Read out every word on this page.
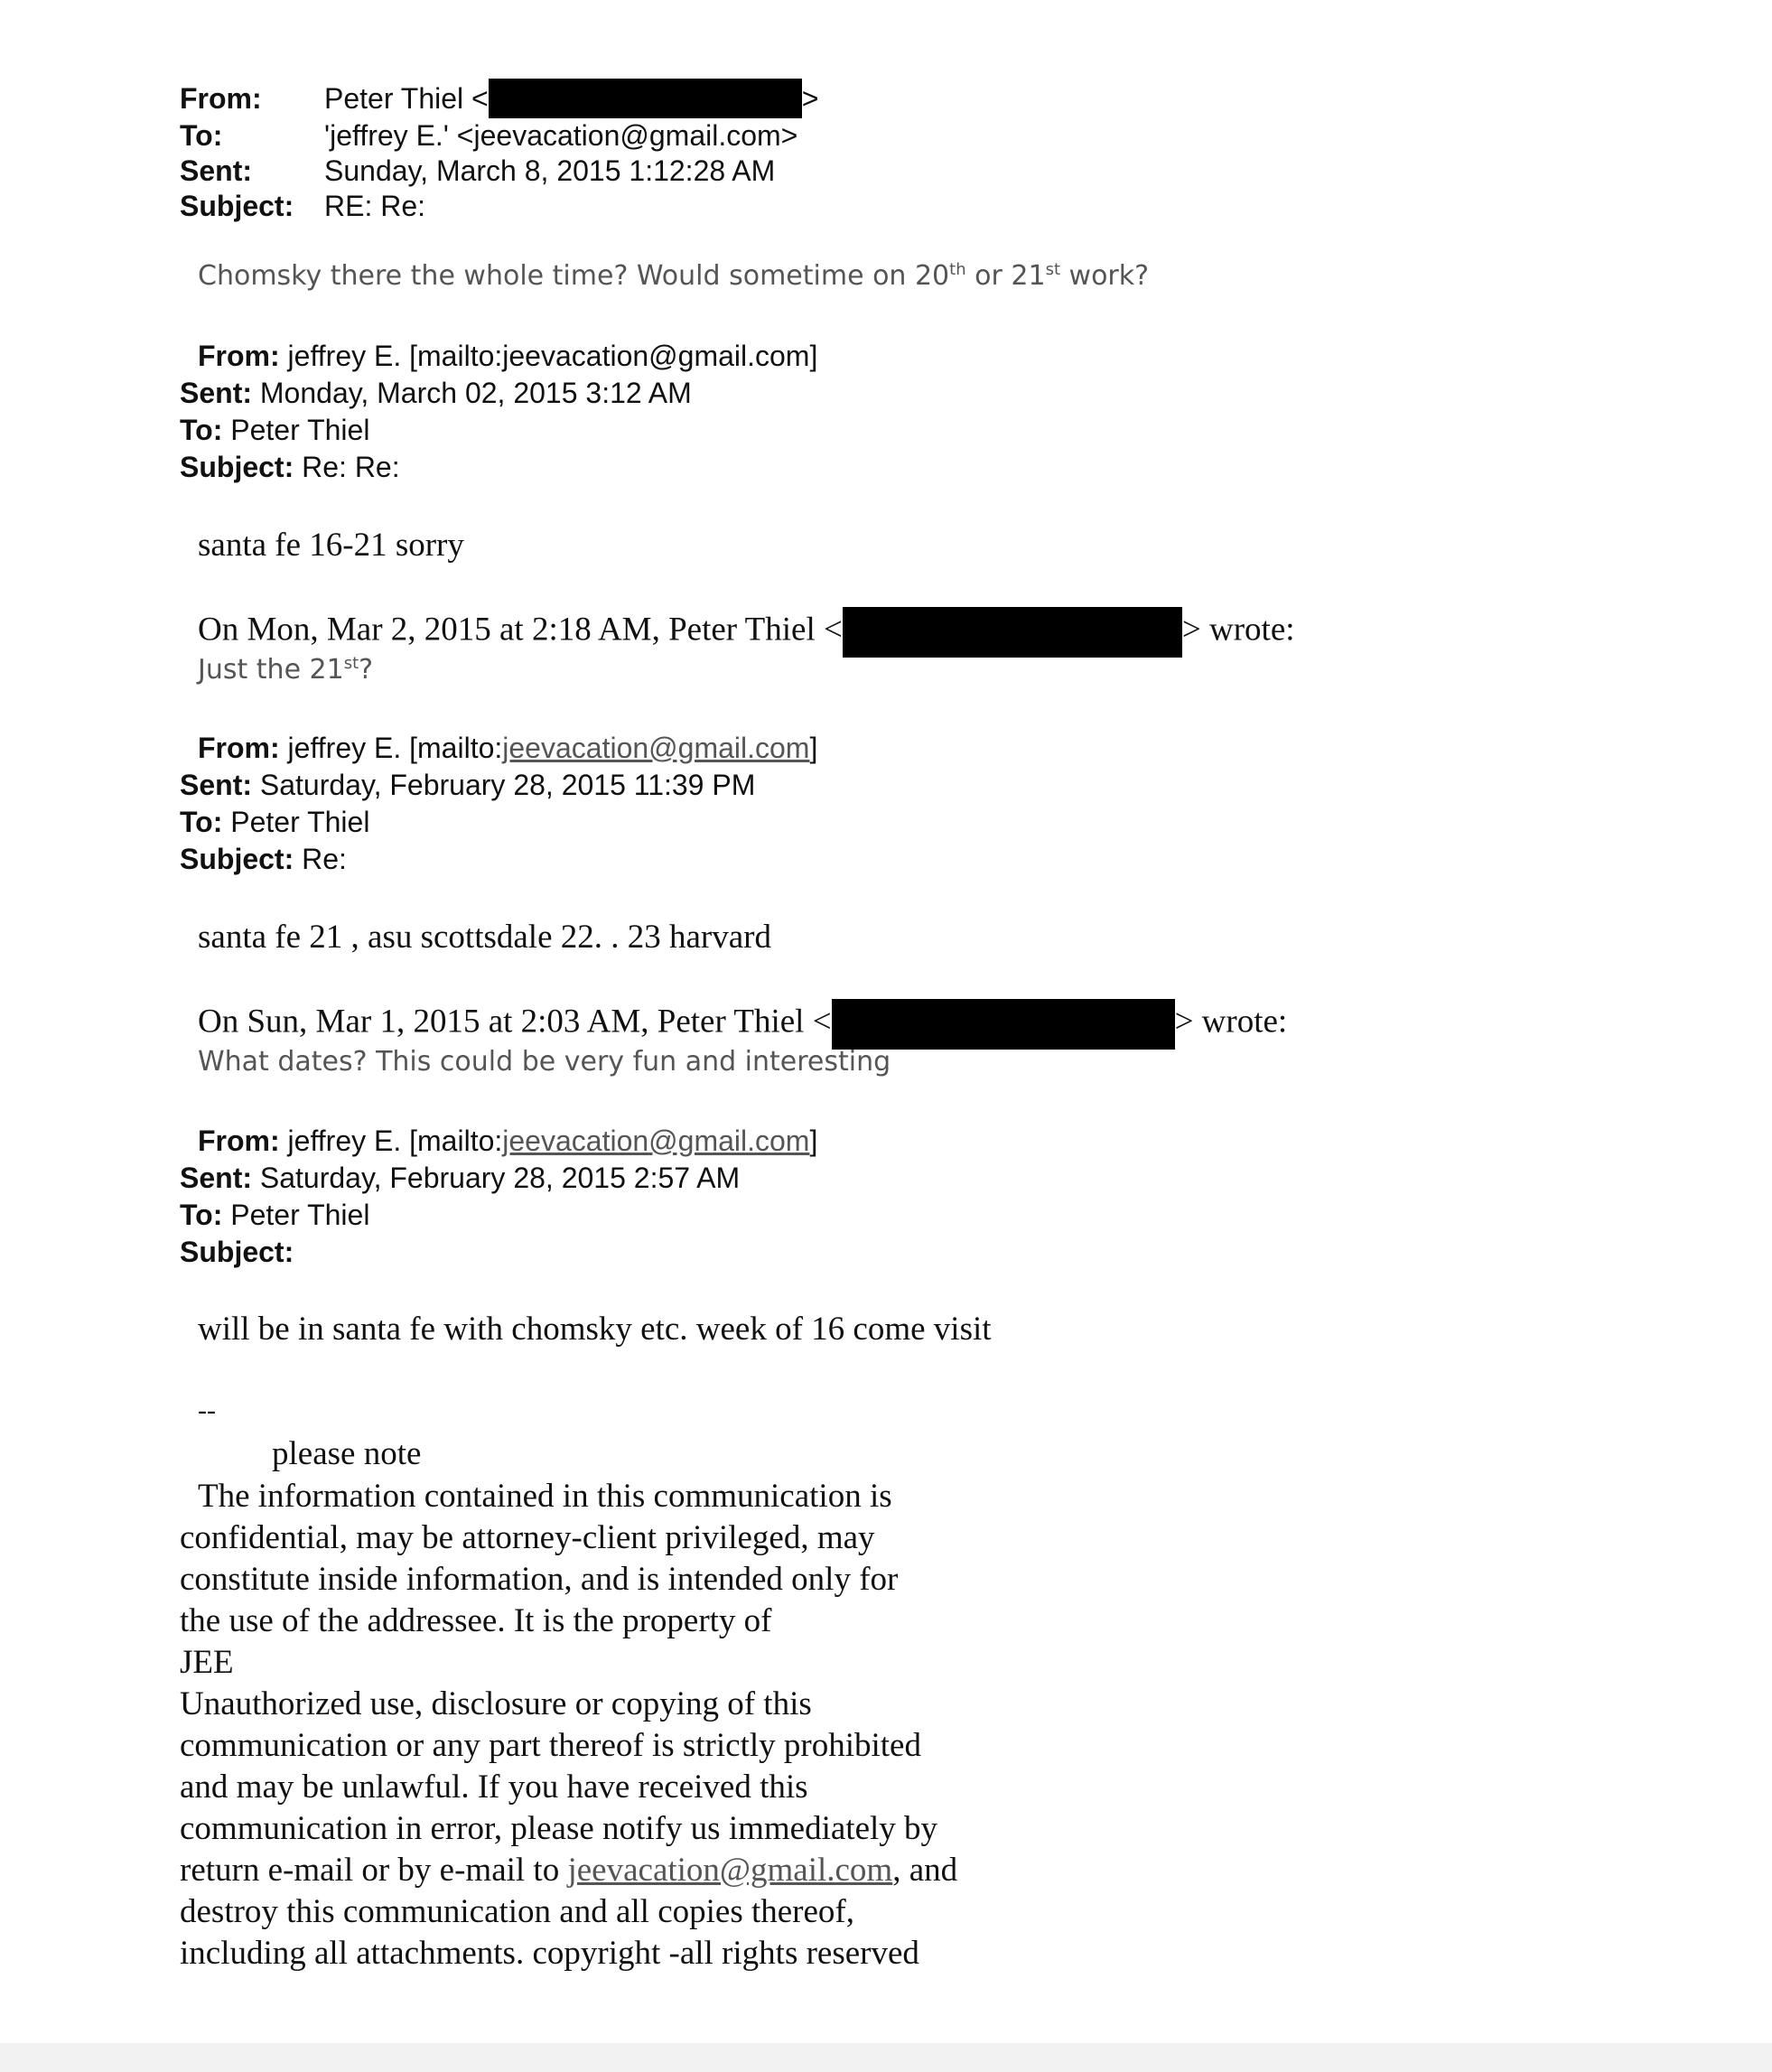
From:	Peter Thiel <	>
To:	'jeffrey E.' <jeevacation@gmail.com>
Sent:	Sunday, March 8, 2015 1:12:28 AM
Subject:	RE: Re:
Chomsky there the whole time? Would sometime on 20th or 21st work?
From: jeffrey E. [mailto:jeevacation@gmail.com]
Sent: Monday, March 02, 2015 3:12 AM
To: Peter Thiel
Subject: Re: Re:
santa fe 16-21 sorry
On Mon, Mar 2, 2015 at 2:18 AM, Peter Thiel <	> wrote:
Just the 21st?
From: jeffrey E. [mailto:jeevacation@gmail.com]
Sent: Saturday, February 28, 2015 11:39 PM
To: Peter Thiel
Subject: Re:
santa fe 21 , asu scottsdale 22. . 23 harvard
On Sun, Mar 1, 2015 at 2:03 AM, Peter Thiel <	> wrote:
What dates? This could be very fun and interesting
From: jeffrey E. [mailto:jeevacation@gmail.com]
Sent: Saturday, February 28, 2015 2:57 AM
To: Peter Thiel
Subject:
will be in santa fe with chomsky etc. week of 16 come visit
--
please note
The information contained in this communication is
confidential, may be attorney-client privileged, may
constitute inside information, and is intended only for
the use of the addressee. It is the property of
JEE
Unauthorized use, disclosure or copying of this
communication or any part thereof is strictly prohibited
and may be unlawful. If you have received this
communication in error, please notify us immediately by
return e-mail or by e-mail to jeevacation@gmail.com, and
destroy this communication and all copies thereof,
including all attachments. copyright -all rights reserved
